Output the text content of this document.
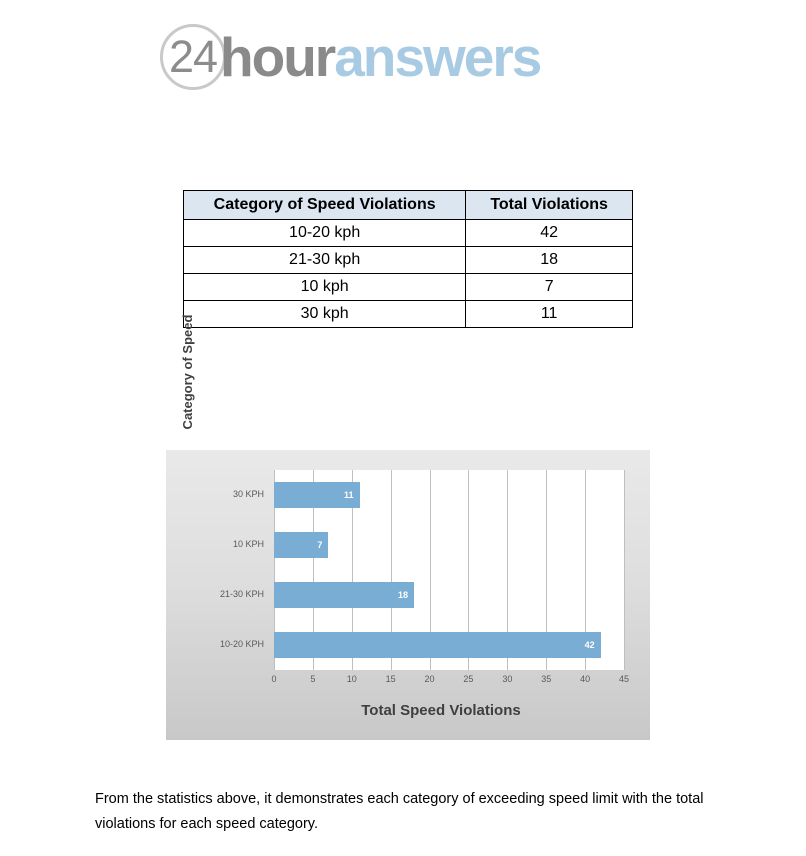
24 hour answers
Category of Speed Violations	Total Violations
10-20 kph	42
21-30 kph	18
10 kph	7
30 kph	11
Category of Speed
10-20 KPH
21-30 KPH
10 KPH
30 KPH
42
18
7
11
0	5	10	15	20	25	30	35	40	45
Total Speed Violations
From the statistics above, it demonstrates each category of exceeding speed limit with the total violations for each speed category.
